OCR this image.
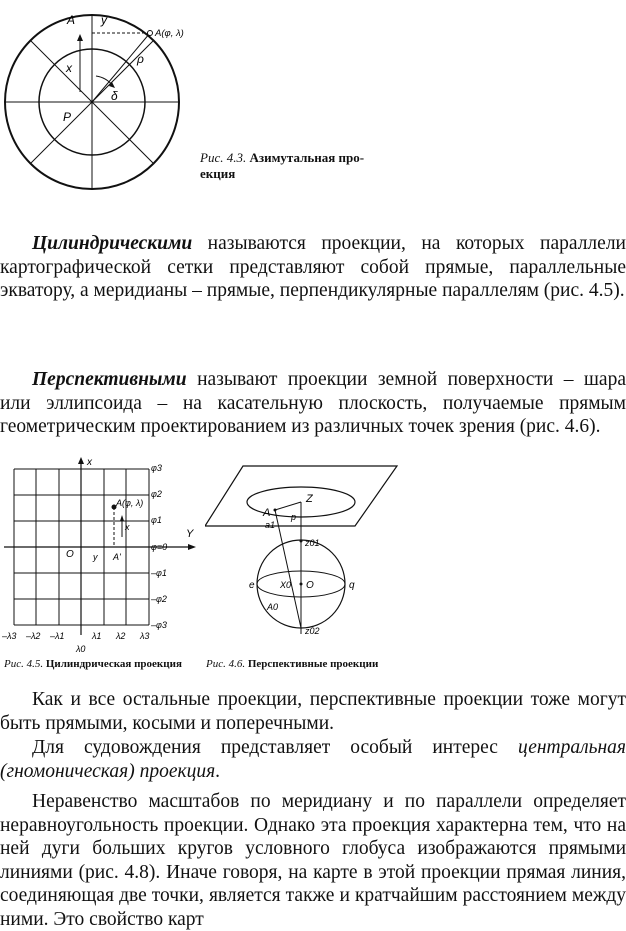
A y
A(φ, λ)
ρ
x
δ
P
Рис. 4.3. Азимутальная про-
екция

Цилиндрическими называются проекции, на которых параллели картографической сетки представляют собой прямые, параллельные экватору, а меридианы – прямые, перпендикулярные параллелям (рис. 4.5).

Перспективными называют проекции земной поверхности – шара или эллипсоида – на касательную плоскость, получаемые прямым геометрическим проектированием из различных точек зрения (рис. 4.6).

x
Y
A(φ, λ)
x
y
O	A'
φ3
φ2
φ1
φ=0
–φ1
–φ2
–φ3
–λ3 –λ2 –λ1	λ1 λ2 λ3
λ0
Рис. 4.5. Цилиндрическая проекция
Z
A
a1
p
z01
e	q
X0 O
A0
z02
Рис. 4.6. Перспективные проекции

Как и все остальные проекции, перспективные проекции тоже могут быть прямыми, косыми и поперечными.

Для судовождения представляет особый интерес центральная (гномоническая) проекция.

Неравенство масштабов по меридиану и по параллели определяет неравноугольность проекции. Однако эта проекция характерна тем, что на ней дуги больших кругов условного глобуса изображаются прямыми линиями (рис. 4.8). Иначе говоря, на карте в этой проекции прямая линия, соединяющая две точки, является также и кратчайшим расстоянием между ними. Это свойство карт
